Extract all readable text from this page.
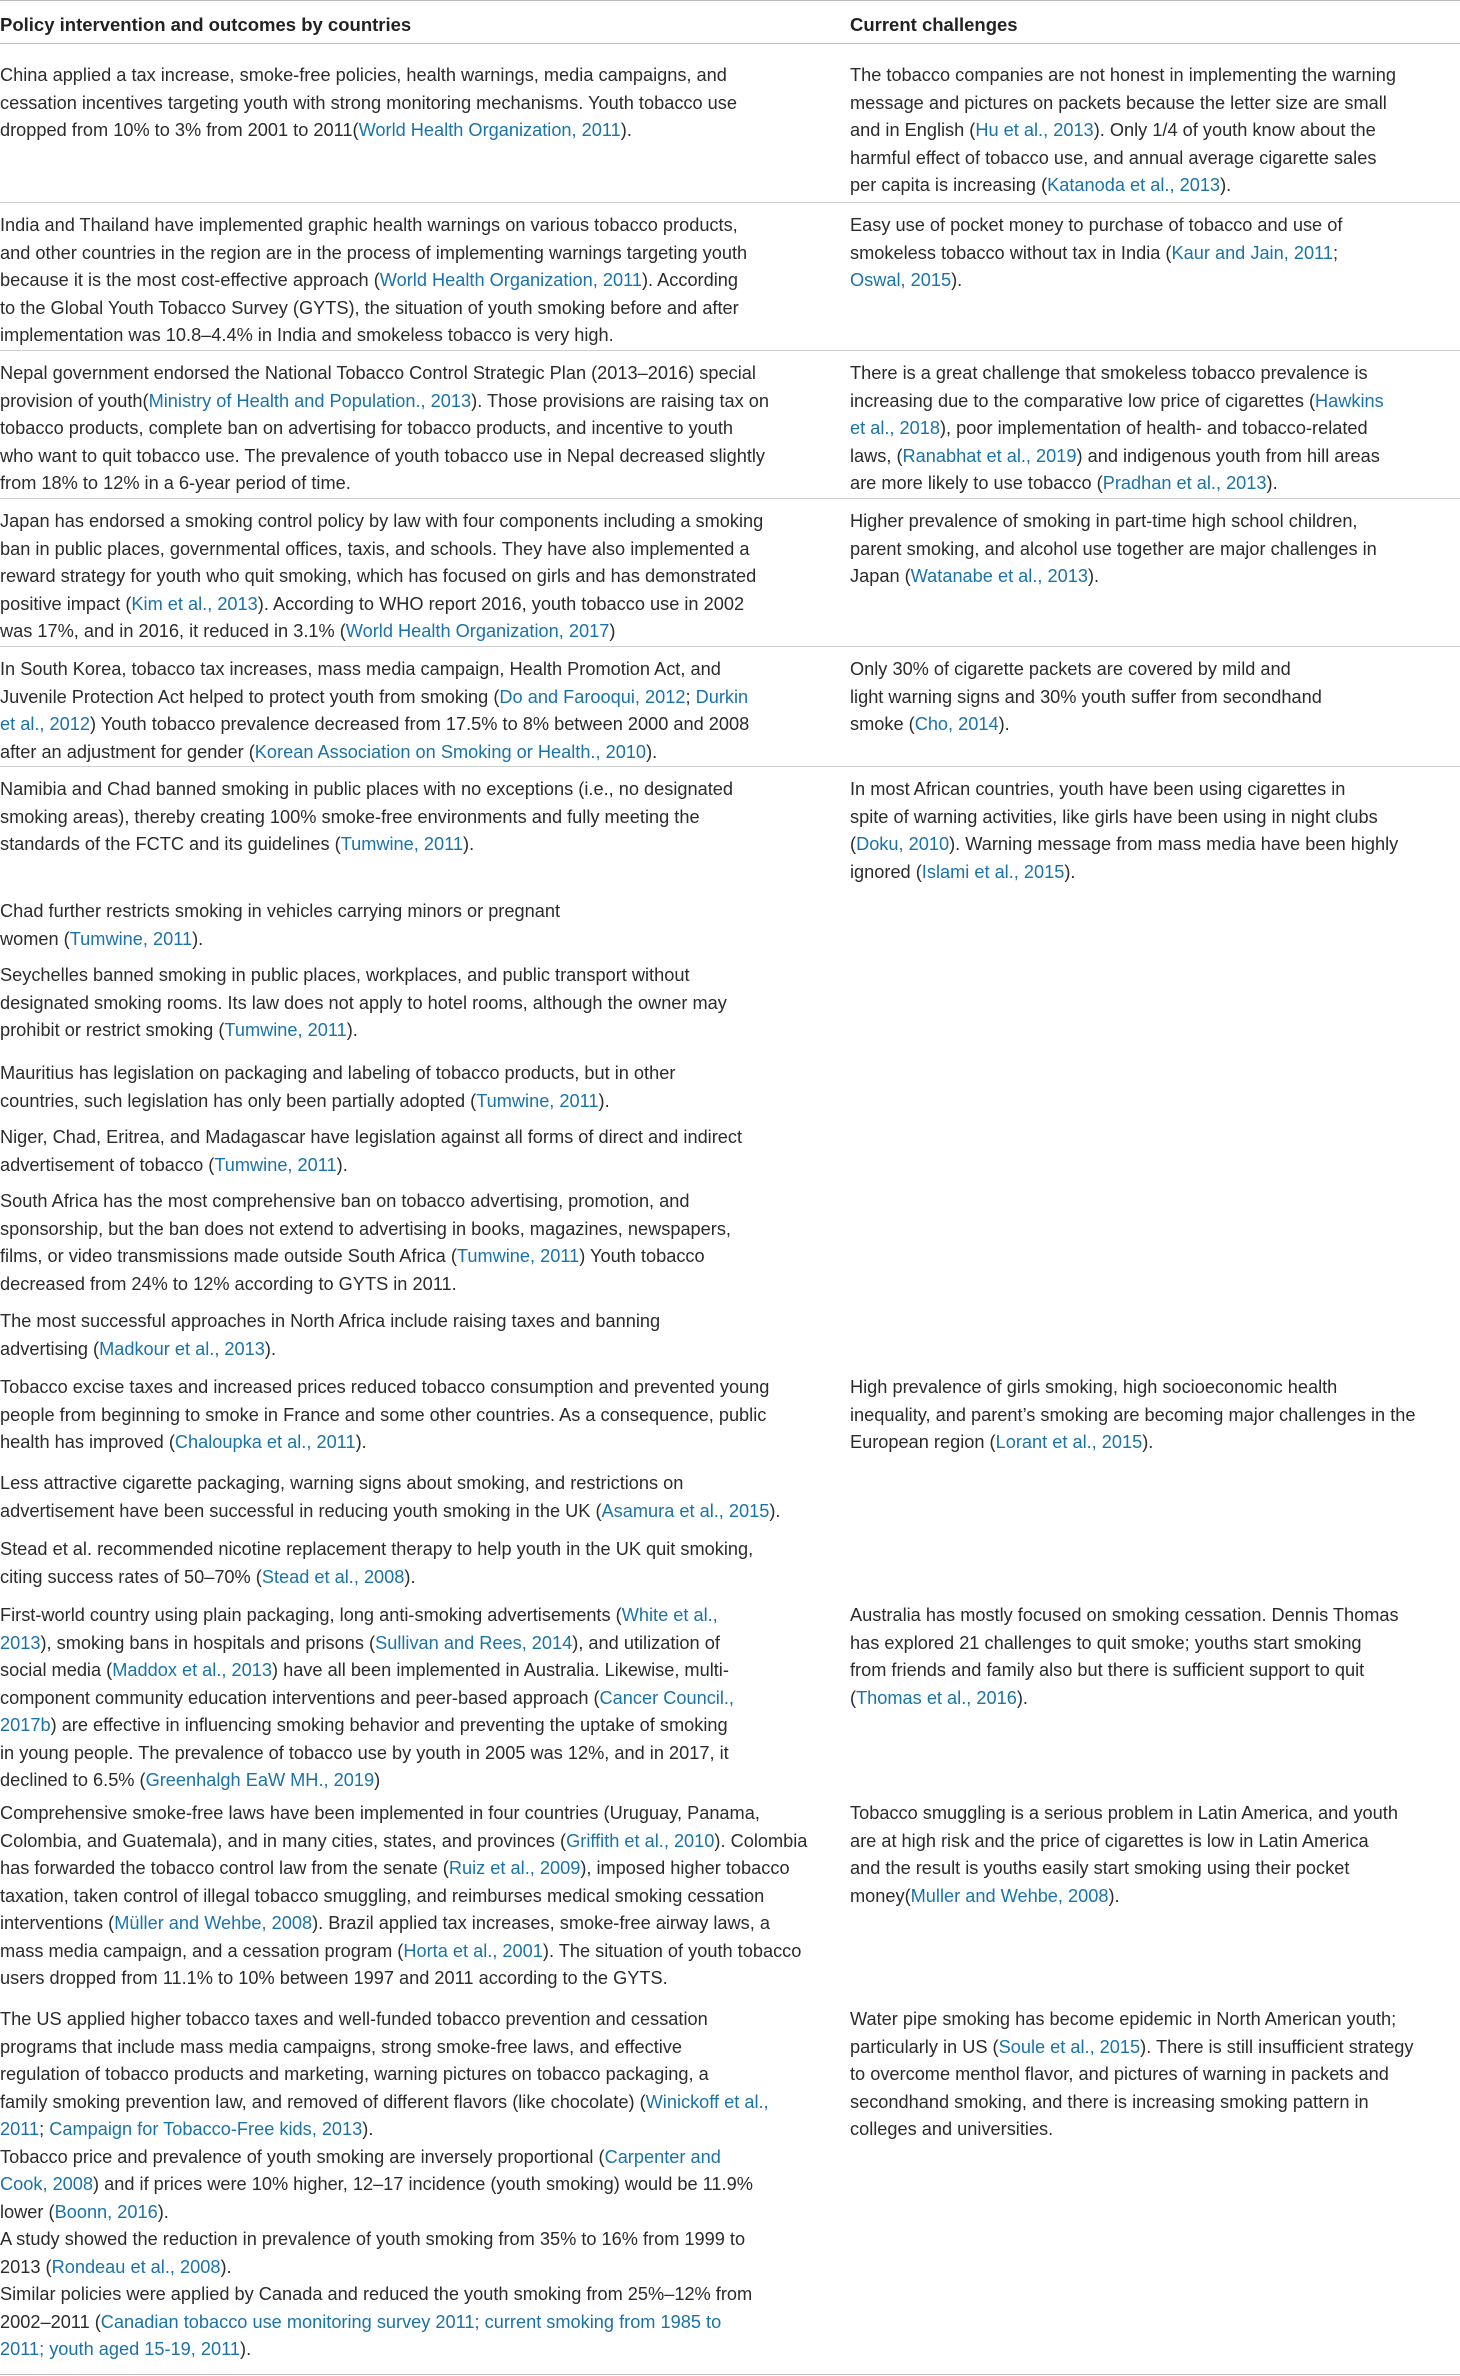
Policy intervention and outcomes by countries	Current challenges
China applied a tax increase, smoke-free policies, health warnings, media campaigns, and
cessation incentives targeting youth with strong monitoring mechanisms. Youth tobacco use
dropped from 10% to 3% from 2001 to 2011(World Health Organization, 2011).
The tobacco companies are not honest in implementing the warning
message and pictures on packets because the letter size are small
and in English (Hu et al., 2013). Only 1/4 of youth know about the
harmful effect of tobacco use, and annual average cigarette sales
per capita is increasing (Katanoda et al., 2013).
India and Thailand have implemented graphic health warnings on various tobacco products,
and other countries in the region are in the process of implementing warnings targeting youth
because it is the most cost-effective approach (World Health Organization, 2011). According
to the Global Youth Tobacco Survey (GYTS), the situation of youth smoking before and after
implementation was 10.8–4.4% in India and smokeless tobacco is very high.
Easy use of pocket money to purchase of tobacco and use of
smokeless tobacco without tax in India (Kaur and Jain, 2011;
Oswal, 2015).
Nepal government endorsed the National Tobacco Control Strategic Plan (2013–2016) special
provision of youth(Ministry of Health and Population., 2013). Those provisions are raising tax on
tobacco products, complete ban on advertising for tobacco products, and incentive to youth
who want to quit tobacco use. The prevalence of youth tobacco use in Nepal decreased slightly
from 18% to 12% in a 6-year period of time.
There is a great challenge that smokeless tobacco prevalence is
increasing due to the comparative low price of cigarettes (Hawkins
et al., 2018), poor implementation of health- and tobacco-related
laws, (Ranabhat et al., 2019) and indigenous youth from hill areas
are more likely to use tobacco (Pradhan et al., 2013).
Japan has endorsed a smoking control policy by law with four components including a smoking
ban in public places, governmental offices, taxis, and schools. They have also implemented a
reward strategy for youth who quit smoking, which has focused on girls and has demonstrated
positive impact (Kim et al., 2013). According to WHO report 2016, youth tobacco use in 2002
was 17%, and in 2016, it reduced in 3.1% (World Health Organization, 2017)
Higher prevalence of smoking in part-time high school children,
parent smoking, and alcohol use together are major challenges in
Japan (Watanabe et al., 2013).
In South Korea, tobacco tax increases, mass media campaign, Health Promotion Act, and
Juvenile Protection Act helped to protect youth from smoking (Do and Farooqui, 2012; Durkin
et al., 2012) Youth tobacco prevalence decreased from 17.5% to 8% between 2000 and 2008
after an adjustment for gender (Korean Association on Smoking or Health., 2010).
Only 30% of cigarette packets are covered by mild and
light warning signs and 30% youth suffer from secondhand
smoke (Cho, 2014).
Namibia and Chad banned smoking in public places with no exceptions (i.e., no designated
smoking areas), thereby creating 100% smoke-free environments and fully meeting the
standards of the FCTC and its guidelines (Tumwine, 2011).
In most African countries, youth have been using cigarettes in
spite of warning activities, like girls have been using in night clubs
(Doku, 2010). Warning message from mass media have been highly
ignored (Islami et al., 2015).
Chad further restricts smoking in vehicles carrying minors or pregnant
women (Tumwine, 2011).
Seychelles banned smoking in public places, workplaces, and public transport without
designated smoking rooms. Its law does not apply to hotel rooms, although the owner may
prohibit or restrict smoking (Tumwine, 2011).
Mauritius has legislation on packaging and labeling of tobacco products, but in other
countries, such legislation has only been partially adopted (Tumwine, 2011).
Niger, Chad, Eritrea, and Madagascar have legislation against all forms of direct and indirect
advertisement of tobacco (Tumwine, 2011).
South Africa has the most comprehensive ban on tobacco advertising, promotion, and
sponsorship, but the ban does not extend to advertising in books, magazines, newspapers,
films, or video transmissions made outside South Africa (Tumwine, 2011) Youth tobacco
decreased from 24% to 12% according to GYTS in 2011.
The most successful approaches in North Africa include raising taxes and banning
advertising (Madkour et al., 2013).
Tobacco excise taxes and increased prices reduced tobacco consumption and prevented young
people from beginning to smoke in France and some other countries. As a consequence, public
health has improved (Chaloupka et al., 2011).
High prevalence of girls smoking, high socioeconomic health
inequality, and parent’s smoking are becoming major challenges in the
European region (Lorant et al., 2015).
Less attractive cigarette packaging, warning signs about smoking, and restrictions on
advertisement have been successful in reducing youth smoking in the UK (Asamura et al., 2015).
Stead et al. recommended nicotine replacement therapy to help youth in the UK quit smoking,
citing success rates of 50–70% (Stead et al., 2008).
First-world country using plain packaging, long anti-smoking advertisements (White et al.,
2013), smoking bans in hospitals and prisons (Sullivan and Rees, 2014), and utilization of
social media (Maddox et al., 2013) have all been implemented in Australia. Likewise, multi-
component community education interventions and peer-based approach (Cancer Council.,
2017b) are effective in influencing smoking behavior and preventing the uptake of smoking
in young people. The prevalence of tobacco use by youth in 2005 was 12%, and in 2017, it
declined to 6.5% (Greenhalgh EaW MH., 2019)
Australia has mostly focused on smoking cessation. Dennis Thomas
has explored 21 challenges to quit smoke; youths start smoking
from friends and family also but there is sufficient support to quit
(Thomas et al., 2016).
Comprehensive smoke-free laws have been implemented in four countries (Uruguay, Panama,
Colombia, and Guatemala), and in many cities, states, and provinces (Griffith et al., 2010). Colombia
has forwarded the tobacco control law from the senate (Ruiz et al., 2009), imposed higher tobacco
taxation, taken control of illegal tobacco smuggling, and reimburses medical smoking cessation
interventions (Müller and Wehbe, 2008). Brazil applied tax increases, smoke-free airway laws, a
mass media campaign, and a cessation program (Horta et al., 2001). The situation of youth tobacco
users dropped from 11.1% to 10% between 1997 and 2011 according to the GYTS.
Tobacco smuggling is a serious problem in Latin America, and youth
are at high risk and the price of cigarettes is low in Latin America
and the result is youths easily start smoking using their pocket
money(Muller and Wehbe, 2008).
The US applied higher tobacco taxes and well-funded tobacco prevention and cessation
programs that include mass media campaigns, strong smoke-free laws, and effective
regulation of tobacco products and marketing, warning pictures on tobacco packaging, a
family smoking prevention law, and removed of different flavors (like chocolate) (Winickoff et al.,
2011; Campaign for Tobacco-Free kids, 2013).
Tobacco price and prevalence of youth smoking are inversely proportional (Carpenter and
Cook, 2008) and if prices were 10% higher, 12–17 incidence (youth smoking) would be 11.9%
lower (Boonn, 2016).
A study showed the reduction in prevalence of youth smoking from 35% to 16% from 1999 to
2013 (Rondeau et al., 2008).
Similar policies were applied by Canada and reduced the youth smoking from 25%–12% from
2002–2011 (Canadian tobacco use monitoring survey 2011; current smoking from 1985 to
2011; youth aged 15-19, 2011).
Water pipe smoking has become epidemic in North American youth;
particularly in US (Soule et al., 2015). There is still insufficient strategy
to overcome menthol flavor, and pictures of warning in packets and
secondhand smoking, and there is increasing smoking pattern in
colleges and universities.
